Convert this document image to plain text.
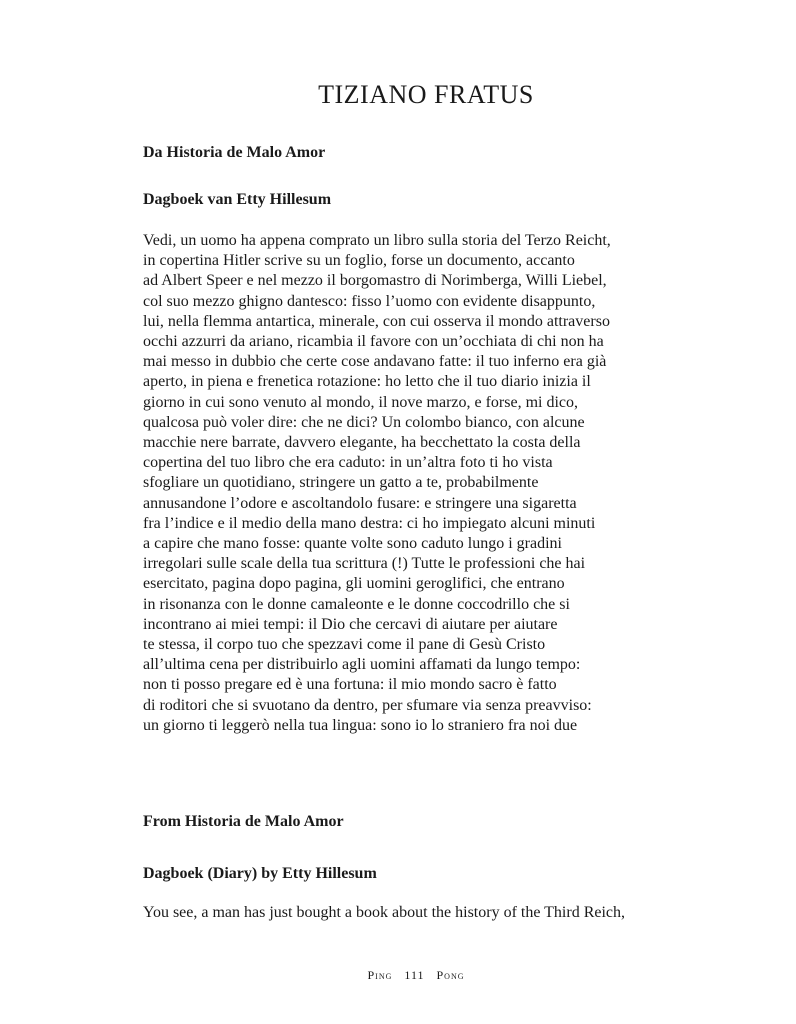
TIZIANO FRATUS
Da Historia de Malo Amor
Dagboek van Etty Hillesum
Vedi, un uomo ha appena comprato un libro sulla storia del Terzo Reicht,
in copertina Hitler scrive su un foglio, forse un documento, accanto
ad Albert Speer e nel mezzo il borgomastro di Norimberga, Willi Liebel,
col suo mezzo ghigno dantesco: fisso l’uomo con evidente disappunto,
lui, nella flemma antartica, minerale, con cui osserva il mondo attraverso
occhi azzurri da ariano, ricambia il favore con un’occhiata di chi non ha
mai messo in dubbio che certe cose andavano fatte: il tuo inferno era già
aperto, in piena e frenetica rotazione: ho letto che il tuo diario inizia il
giorno in cui sono venuto al mondo, il nove marzo, e forse, mi dico,
qualcosa può voler dire: che ne dici? Un colombo bianco, con alcune
macchie nere barrate, davvero elegante, ha becchettato la costa della
copertina del tuo libro che era caduto: in un’altra foto ti ho vista
sfogliare un quotidiano, stringere un gatto a te, probabilmente
annusandone l’odore e ascoltandolo fusare: e stringere una sigaretta
fra l’indice e il medio della mano destra: ci ho impiegato alcuni minuti
a capire che mano fosse: quante volte sono caduto lungo i gradini
irregolari sulle scale della tua scrittura (!) Tutte le professioni che hai
esercitato, pagina dopo pagina, gli uomini geroglifici, che entrano
in risonanza con le donne camaleonte e le donne coccodrillo che si
incontrano ai miei tempi: il Dio che cercavi di aiutare per aiutare
te stessa, il corpo tuo che spezzavi come il pane di Gesù Cristo
all’ultima cena per distribuirlo agli uomini affamati da lungo tempo:
non ti posso pregare ed è una fortuna: il mio mondo sacro è fatto
di roditori che si svuotano da dentro, per sfumare via senza preavviso:
un giorno ti leggerò nella tua lingua: sono io lo straniero fra noi due
From Historia de Malo Amor
Dagboek (Diary) by Etty Hillesum
You see, a man has just bought a book about the history of the Third Reich,
Ping 111 Pong
